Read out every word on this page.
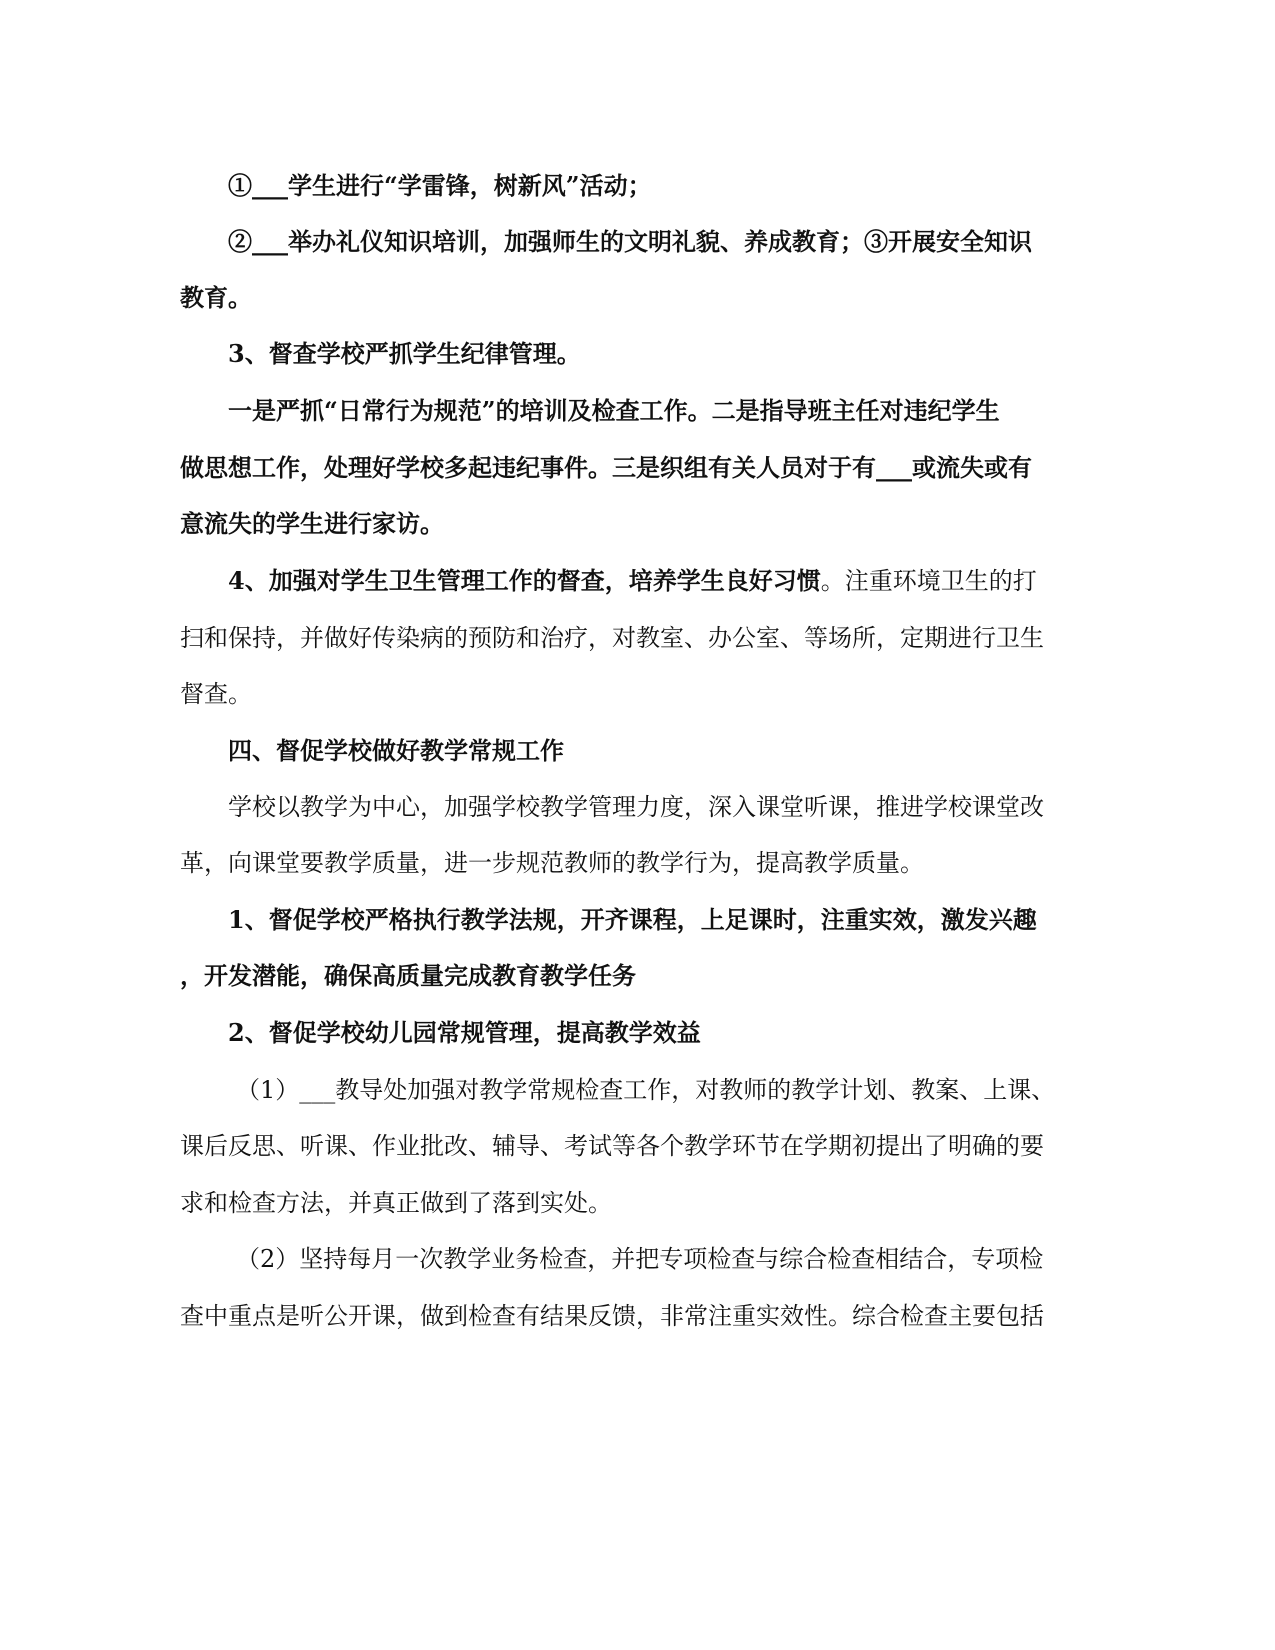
①___学生进行“学雷锋，树新风”活动；
②___举办礼仪知识培训，加强师生的文明礼貌、养成教育；③开展安全知识
教育。
3、督查学校严抓学生纪律管理。
一是严抓“日常行为规范”的培训及检查工作。二是指导班主任对违纪学生
做思想工作，处理好学校多起违纪事件。三是织组有关人员对于有___或流失或有
意流失的学生进行家访。
4、加强对学生卫生管理工作的督查，培养学生良好习惯。注重环境卫生的打
扫和保持，并做好传染病的预防和治疗，对教室、办公室、等场所，定期进行卫生
督查。
四、督促学校做好教学常规工作
学校以教学为中心，加强学校教学管理力度，深入课堂听课，推进学校课堂改
革，向课堂要教学质量，进一步规范教师的教学行为，提高教学质量。
1、督促学校严格执行教学法规，开齐课程，上足课时，注重实效，激发兴趣
，开发潜能，确保高质量完成教育教学任务
2、督促学校幼儿园常规管理，提高教学效益
（1）___教导处加强对教学常规检查工作，对教师的教学计划、教案、上课、
课后反思、听课、作业批改、辅导、考试等各个教学环节在学期初提出了明确的要
求和检查方法，并真正做到了落到实处。
（2）坚持每月一次教学业务检查，并把专项检查与综合检查相结合，专项检
查中重点是听公开课，做到检查有结果反馈，非常注重实效性。综合检查主要包括
